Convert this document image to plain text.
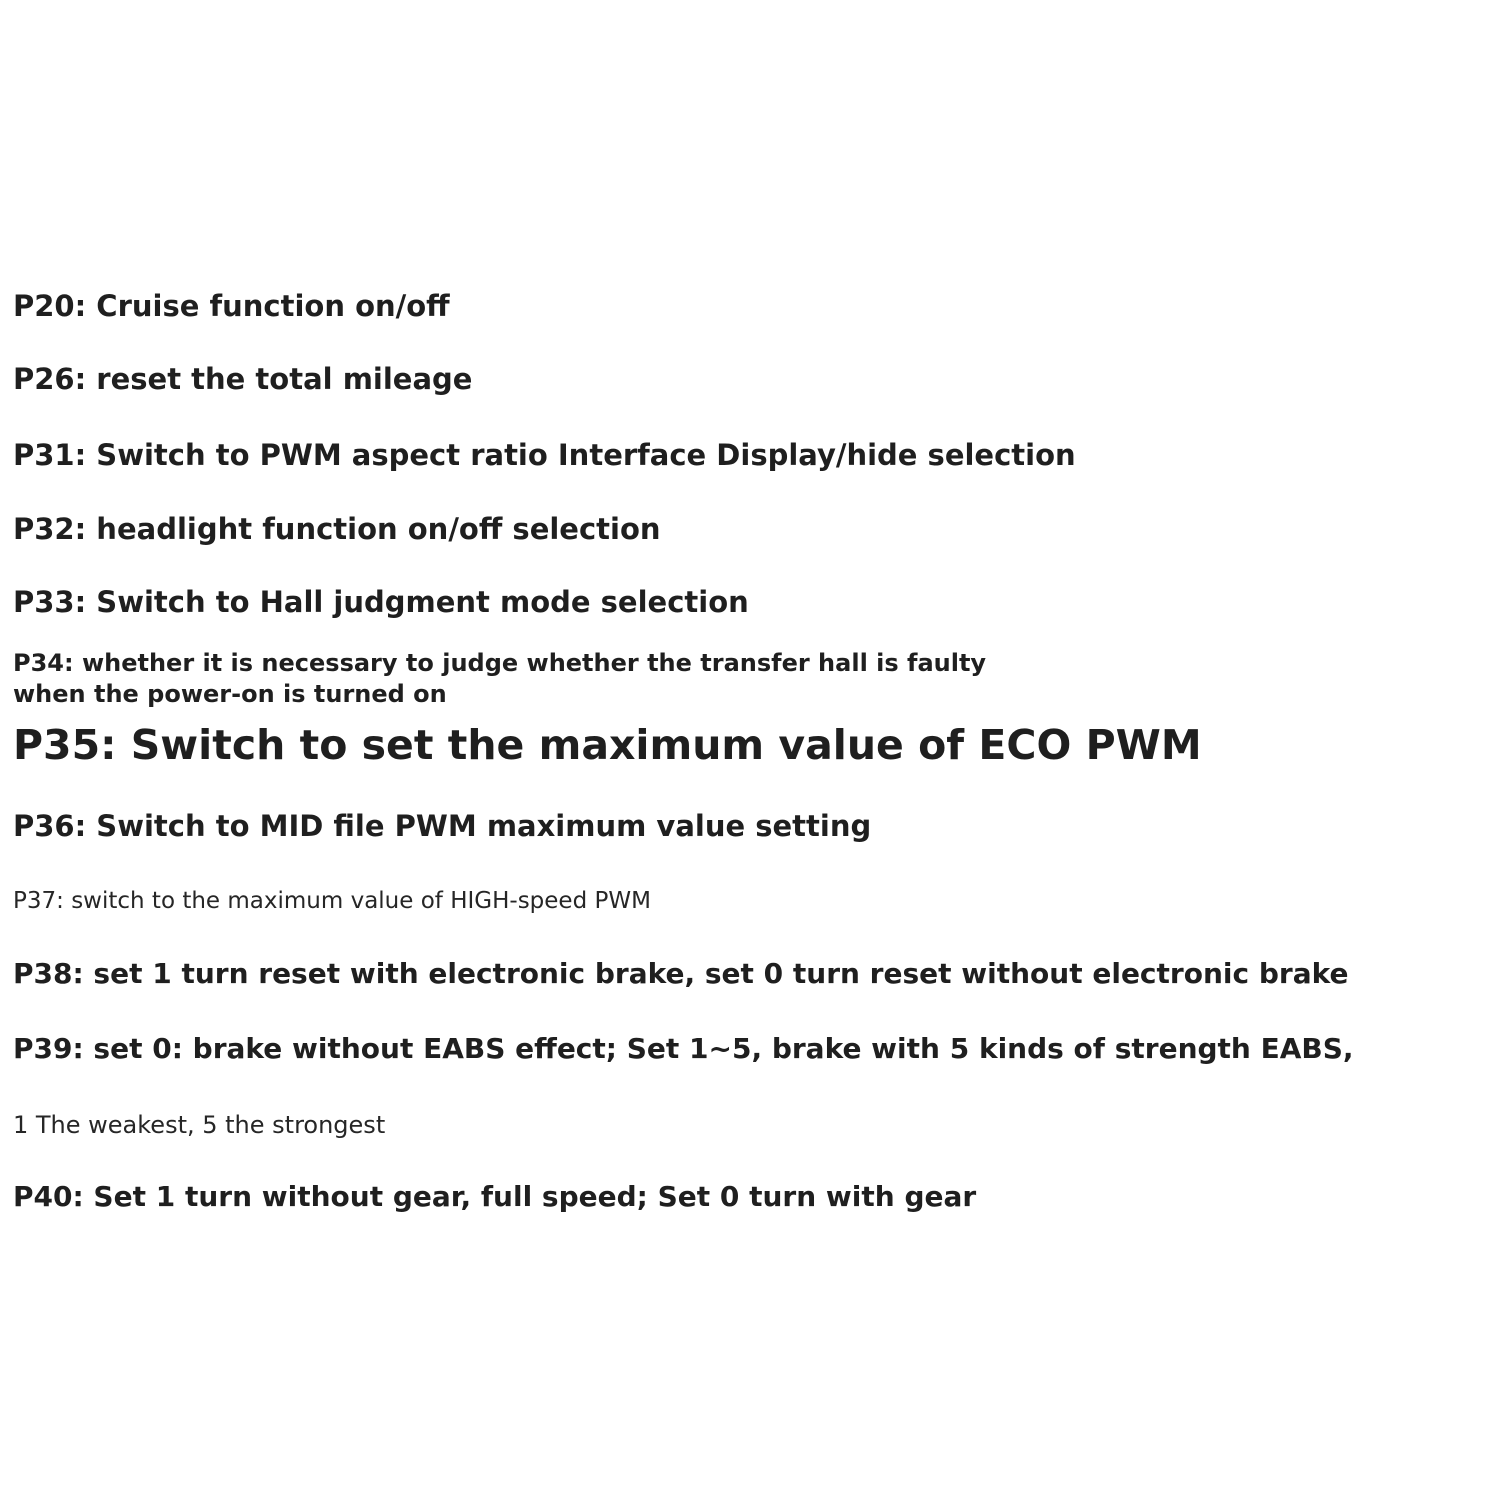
P20: Cruise function on/off

P26: reset the total mileage

P31: Switch to PWM aspect ratio Interface Display/hide selection

P32: headlight function on/off selection

P33: Switch to Hall judgment mode selection

P34: whether it is necessary to judge whether the transfer hall is faulty

when the power-on is turned on

P35: Switch to set the maximum value of ECO PWM

P36: Switch to MID file PWM maximum value setting

P37: switch to the maximum value of HIGH-speed PWM

P38: set 1 turn reset with electronic brake, set 0 turn reset without electronic brake

P39: set 0: brake without EABS effect; Set 1~5, brake with 5 kinds of strength EABS,

1 The weakest, 5 the strongest

P40: Set 1 turn without gear, full speed; Set 0 turn with gear
